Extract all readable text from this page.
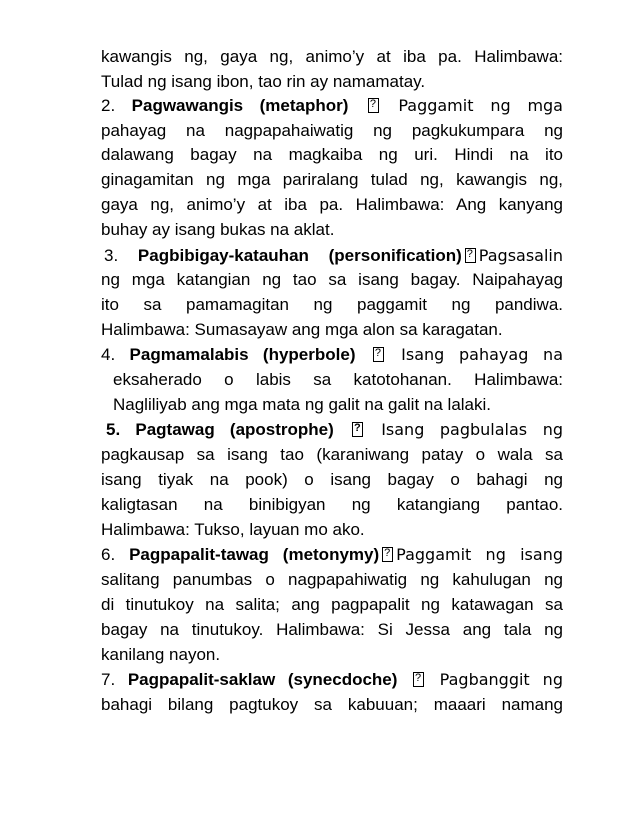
kawangis ng, gaya ng, animo’y at iba pa. Halimbawa:
Tulad ng isang ibon, tao rin ay namamatay.
2. Pagwawangis (metaphor) ?	Paggamit ng mga
pahayag na nagpapahaiwatig ng pagkukumpara ng
dalawang bagay na magkaiba ng uri. Hindi na ito
ginagamitan ng mga pariralang tulad ng, kawangis ng,
gaya ng, animo’y at iba pa. Halimbawa: Ang kanyang
buhay ay isang bukas na aklat.
3. Pagbibigay-katauhan (personification) ? Pagsasalin
ng mga katangian ng tao sa isang bagay. Naipahayag
ito sa pamamagitan ng paggamit ng pandiwa.
Halimbawa: Sumasayaw ang mga alon sa karagatan.
4. Pagmamalabis (hyperbole) ?	Isang pahayag na
eksaherado o labis sa katotohanan. Halimbawa:
Nagliliyab ang mga mata ng galit na galit na lalaki.
5. Pagtawag (apostrophe) ?	Isang pagbulalas ng
pagkausap sa isang tao (karaniwang patay o wala sa
isang tiyak na pook) o isang bagay o bahagi ng
kaligtasan na binibigyan ng katangiang pantao.
Halimbawa: Tukso, layuan mo ako.
6. Pagpapalit-tawag (metonymy) ? Paggamit ng isang
salitang panumbas o nagpapahiwatig ng kahulugan ng
di tinutukoy na salita; ang pagpapalit ng katawagan sa
bagay na tinutukoy. Halimbawa: Si Jessa ang tala ng
kanilang nayon.
7. Pagpapalit-saklaw (synecdoche) ?	Pagbanggit ng
bahagi bilang pagtukoy sa kabuuan; maaari namang
